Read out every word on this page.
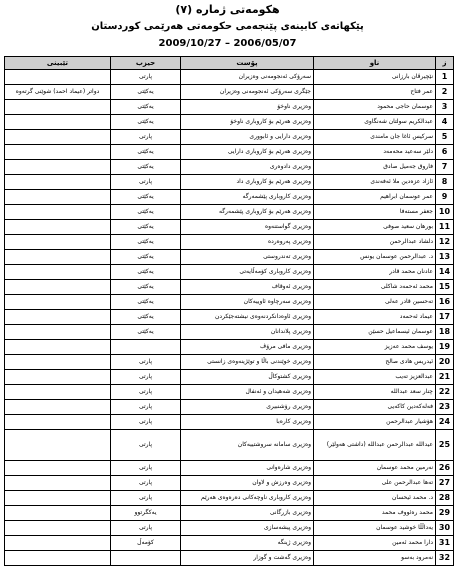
ھکومەتی ژمارە (٧)
پێکهاتەی کابینەی پێنجەمی حکومەتی هەرێمی کوردستان
2009/10/27 – 2006/05/07
ز	ناو	پۆست	حیزب	تێبینی
1	نێچیرڤان بارزانی	سەرۆکی ئەنجومەنی وەزیران	پارتی	
2	عمر فتاح	جێگری سەرۆکی ئەنجومەنی وەزیران	یەکێتی	دواتر (عیماد احمد) شوێنی گرتەوە
3	عوسمان حاجی محمود	وەزیری ناوخۆ	یەکێتی	
4	عبدالکریم سولتان شەنگاوی	وەزیری هەرێم بۆ کاروباری ناوخۆ	یەکێتی	
5	سرکیس ئاغا جان مامندی	وەزیری دارایی و ئابووری	پارتی	
6	دلێر سەعید محەمەد	وەزیری هەرێم بۆ کاروباری دارایی	یەکێتی	
7	فاروق جەمیل صادق	وەزیری دادوەری	یەکێتی	
8	ئازاد عزەدین ملا ئەفەندی	وەزیری هەرێم بۆ کاروباری داد	پارتی	
9	عمر عوسمان ابراهیم	وەزیری کاروباری پێشمەرگە	یەکێتی	
10	جعفر مستەفا	وەزیری هەرێم بۆ کاروباری پێشمەرگە	یەکێتی	
11	بورهان سعید صوفی	وەزیری گواستنەوە	یەکێتی	
12	دلشاد عبدالرحمن	وەزیری پەروەردە	یەکێتی	
13	د. عبدالرحمن عوسمان یونس	وەزیری تەندروستی	یەکێتی	
14	عادنان محمد قادر	وەزیری کاروباری کۆمەڵایەتی	یەکێتی	
15	محمد ئەحمەد شاکلی	وەزیری ئەوقاف	یەکێتی	
16	تەحسین قادر عەلی	وەزیری سەرچاوە ئاوییەکان	یەکێتی	
17	عیماد ئەحمەد	وەزیری ئاوەدانکردنەوەی نیشتەجێکردن	یەکێتی	
18	عوسمان ئیسماعیل حسێن	وەزیری پلاندانان	یەکێتی	
19	یوسف محمد عەزیز	وەزیری مافی مرۆڤ		
20	ئیدریس هادی صالح	وەزیری خوێندنی باڵا و توێژینەوەی زانستی	پارتی	
21	عبدالعزیز تەیب	وەزیری کشتوکاڵ	پارتی	
22	چنار سعد عبدالله	وەزیری شەهیدان و ئەنفال	پارتی	
23	فەلەکەدین کاکەیی	وەزیری رۆشنبیری	پارتی	
24	هۆشیار عبدالرحمن	وەزیری کارەبا	پارتی	
25	عیداللە عبدالرحمن عبداللە (داشتی هەولێر)	وەزیری سامانە سروشتییەکان	پارتی	
26	نەرمین محمد عوسمان	وەزیری شارەوانی	پارتی	
27	تەها عبدالرحمن علی	وەزیری وەرزش و لاوان	پارتی	
28	د. محمد ئیحسان	وەزیری کاروباری ناوچەکانی دەرەوەی هەرێم	پارتی	
29	محمد رەئووف محمد	وەزیری بازرگانی	یەکگرتوو	
30	یەداڵڵا خوشید عوسمان	وەزیری پیشەسازی	پارتی	
31	دارا محمد ئەمین	وەزیری ژینگە	کۆمەڵ	
32	نەمرود بەسو	وەزیری گەشت و گوزار		
